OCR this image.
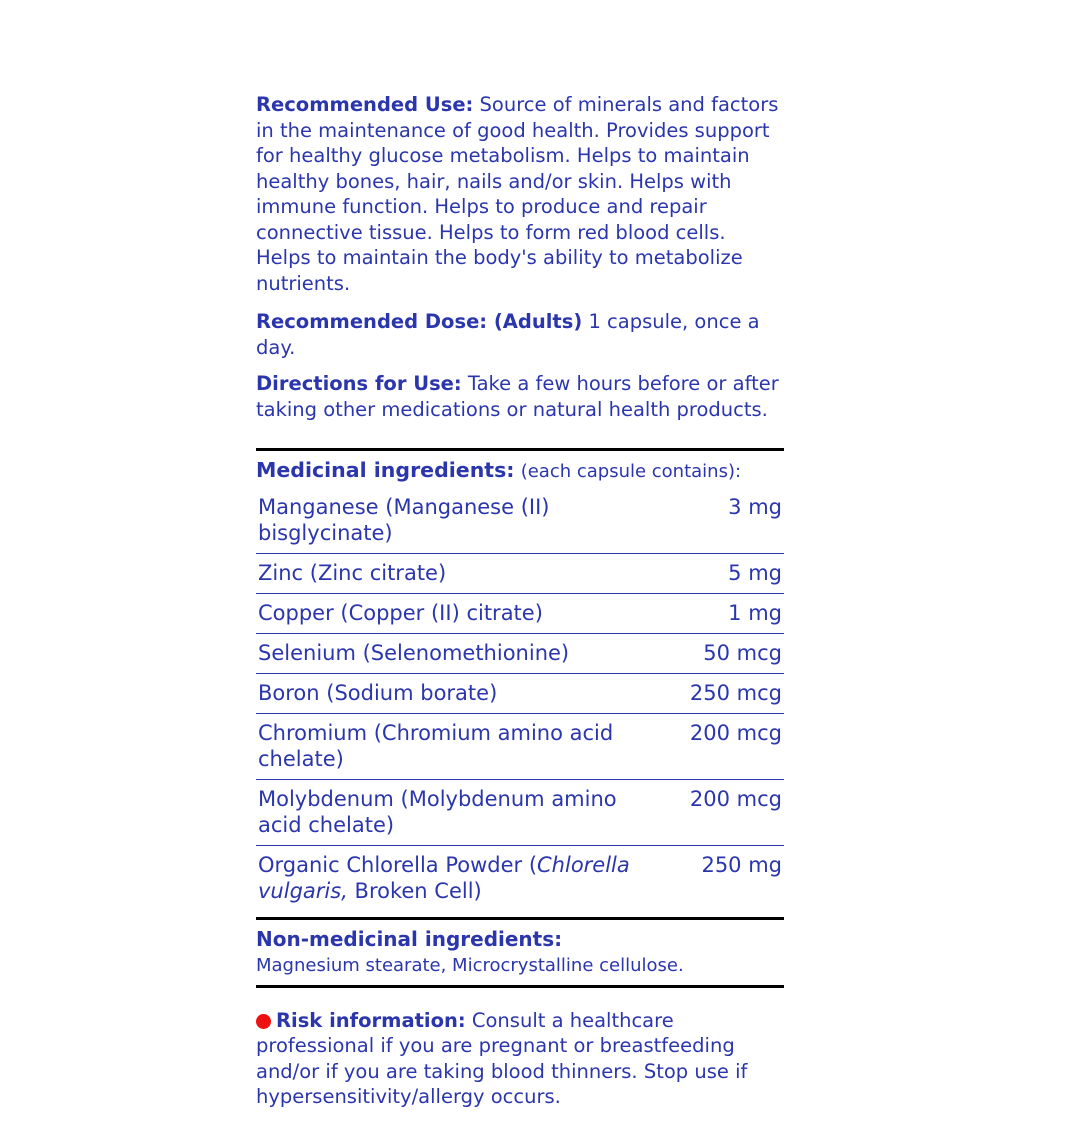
Recommended Use: Source of minerals and factors in the maintenance of good health. Provides support for healthy glucose metabolism. Helps to maintain healthy bones, hair, nails and/or skin. Helps with immune function. Helps to produce and repair connective tissue. Helps to form red blood cells. Helps to maintain the body's ability to metabolize nutrients.

Recommended Dose: (Adults) 1 capsule, once a day.

Directions for Use: Take a few hours before or after taking other medications or natural health products.

Medicinal ingredients: (each capsule contains):
Manganese (Manganese (II) bisglycinate)	3 mg
Zinc (Zinc citrate)	5 mg
Copper (Copper (II) citrate)	1 mg
Selenium (Selenomethionine)	50 mcg
Boron (Sodium borate)	250 mcg
Chromium (Chromium amino acid chelate)	200 mcg
Molybdenum (Molybdenum amino acid chelate)	200 mcg
Organic Chlorella Powder (Chlorella vulgaris, Broken Cell)	250 mg
Non-medicinal ingredients:
Magnesium stearate, Microcrystalline cellulose.

Risk information: Consult a healthcare professional if you are pregnant or breastfeeding and/or if you are taking blood thinners. Stop use if hypersensitivity/allergy occurs.
